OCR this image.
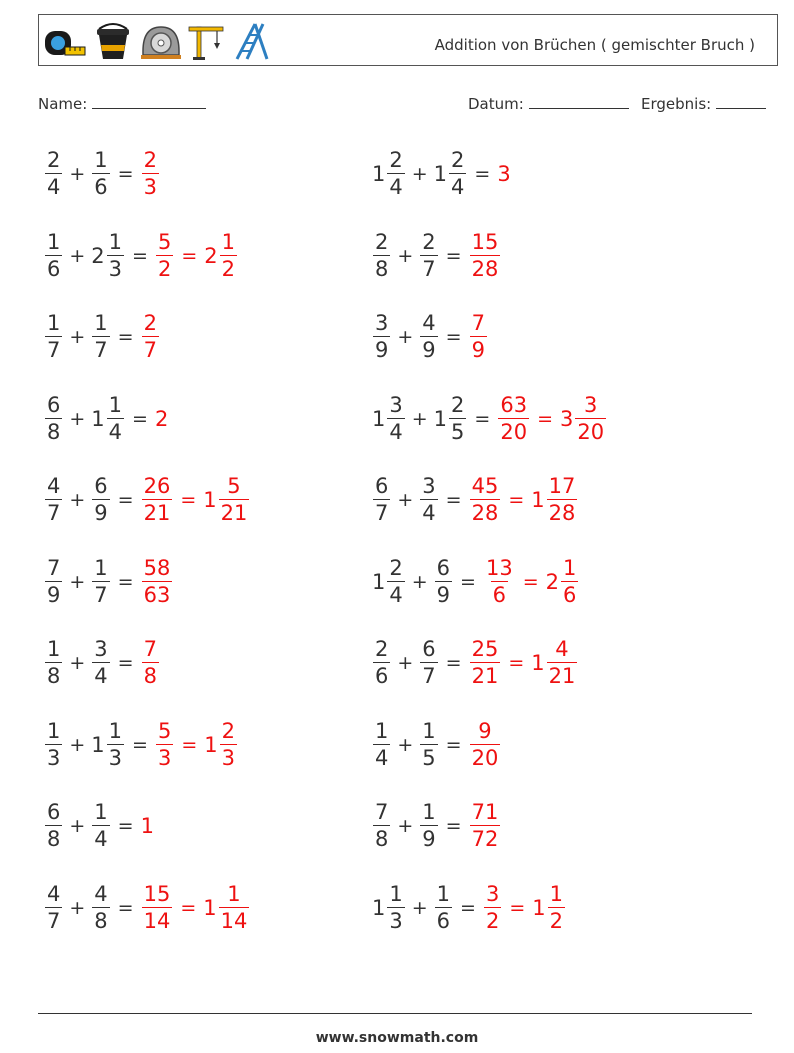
Addition von Brüchen ( gemischter Bruch )
Name:	Datum:	Ergebnis:
$\frac{2}{4} + \frac{1}{6} = \frac{2}{3}$	$1 \frac{2}{4} + 1 \frac{2}{4} = 3$
$\frac{1}{6} + 2 \frac{1}{3} = \frac{5}{2} = 2 \frac{1}{2}$	$\frac{2}{8} + \frac{2}{7} = \frac{15}{28}$
$\frac{1}{7} + \frac{1}{7} = \frac{2}{7}$	$\frac{3}{9} + \frac{4}{9} = \frac{7}{9}$
$\frac{6}{8} + 1 \frac{1}{4} = 2$	$1 \frac{3}{4} + 1 \frac{2}{5} = \frac{63}{20} = 3 \frac{3}{20}$
$\frac{4}{7} + \frac{6}{9} = \frac{26}{21} = 1 \frac{5}{21}$	$\frac{6}{7} + \frac{3}{4} = \frac{45}{28} = 1 \frac{17}{28}$
$\frac{7}{9} + \frac{1}{7} = \frac{58}{63}$	$1 \frac{2}{4} + \frac{6}{9} = \frac{13}{6} = 2 \frac{1}{6}$
$\frac{1}{8} + \frac{3}{4} = \frac{7}{8}$	$\frac{2}{6} + \frac{6}{7} = \frac{25}{21} = 1 \frac{4}{21}$
$\frac{1}{3} + 1 \frac{1}{3} = \frac{5}{3} = 1 \frac{2}{3}$	$\frac{1}{4} + \frac{1}{5} = \frac{9}{20}$
$\frac{6}{8} + \frac{1}{4} = 1$	$\frac{7}{8} + \frac{1}{9} = \frac{71}{72}$
$\frac{4}{7} + \frac{4}{8} = \frac{15}{14} = 1 \frac{1}{14}$	$1 \frac{1}{3} + \frac{1}{6} = \frac{3}{2} = 1 \frac{1}{2}$
www.snowmath.com
